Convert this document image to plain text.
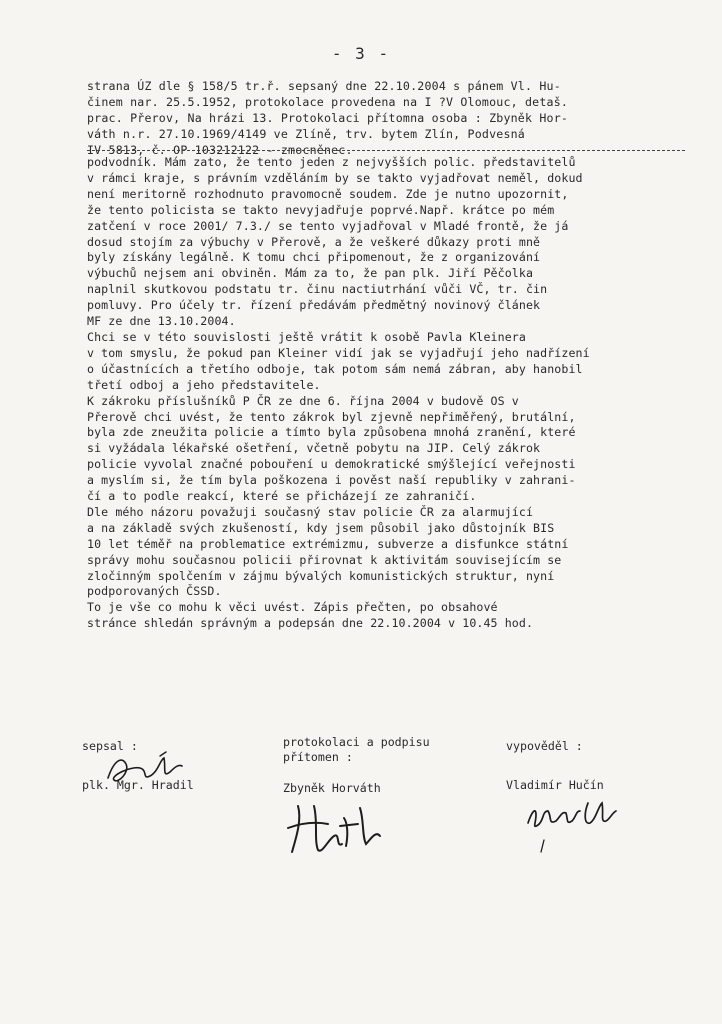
- 3 -
strana ÚZ dle § 158/5 tr.ř. sepsaný dne 22.10.2004 s pánem Vl. Hu-
činem nar. 25.5.1952, protokolace provedena na I ?V Olomouc, detaš.
prac. Přerov, Na hrázi 13. Protokolaci přítomna osoba : Zbyněk Hor-
váth n.r. 27.10.1969/4149 ve Zlíně, trv. bytem Zlín, Podvesná
IV 5813, č. OP 103212122 - zmocněnec.
podvodník. Mám zato, že tento jeden z nejvyšších polic. představitelů
v rámci kraje, s právním vzděláním by se takto vyjadřovat neměl, dokud
není meritorně rozhodnuto pravomocně soudem. Zde je nutno upozornit,
že tento policista se takto nevyjadřuje poprvé.Např. krátce po mém
zatčení v roce 2001/ 7.3./ se tento vyjadřoval v Mladé frontě, že já
dosud stojím za výbuchy v Přerově, a že veškeré důkazy proti mně
byly získány legálně. K tomu chci připomenout, že z organizování
výbuchů nejsem ani obviněn. Mám za to, že pan plk. Jiří Pěčolka
naplnil skutkovou podstatu tr. činu nactiutrhání vůči VČ, tr. čin
pomluvy. Pro účely tr. řízení předávám předmětný novinový článek
MF ze dne 13.10.2004.
Chci se v této souvislosti ještě vrátit k osobě Pavla Kleinera
v tom smyslu, že pokud pan Kleiner vidí jak se vyjadřují jeho nadřízení
o účastnících a třetího odboje, tak potom sám nemá zábran, aby hanobil
třetí odboj a jeho představitele.
K zákroku příslušníků P ČR ze dne 6. října 2004 v budově OS v
Přerově chci uvést, že tento zákrok byl zjevně nepřiměřený, brutální,
byla zde zneužita policie a tímto byla způsobena mnohá zranění, které
si vyžádala lékařské ošetření, včetně pobytu na JIP. Celý zákrok
policie vyvolal značné pobouření u demokratické smýšlející veřejnosti
a myslím si, že tím byla poškozena i pověst naší republiky v zahrani-
čí a to podle reakcí, které se přicházejí ze zahraničí.
Dle mého názoru považuji současný stav policie ČR za alarmující
a na základě svých zkušeností, kdy jsem působil jako důstojník BIS
10 let téměř na problematice extrémizmu, subverze a disfunkce státní
správy mohu současnou policii přirovnat k aktivitám souvisejícím se
zločinným spolčením v zájmu bývalých komunistických struktur, nyní
podporovaných ČSSD.
To je vše co mohu k věci uvést. Zápis přečten, po obsahové
stránce shledán správným a podepsán dne 22.10.2004 v 10.45 hod.
sepsal :
plk. Mgr. Hradil
protokolaci a podpisu
přítomen :
Zbyněk Horváth
vypověděl :
Vladimír Hučín
